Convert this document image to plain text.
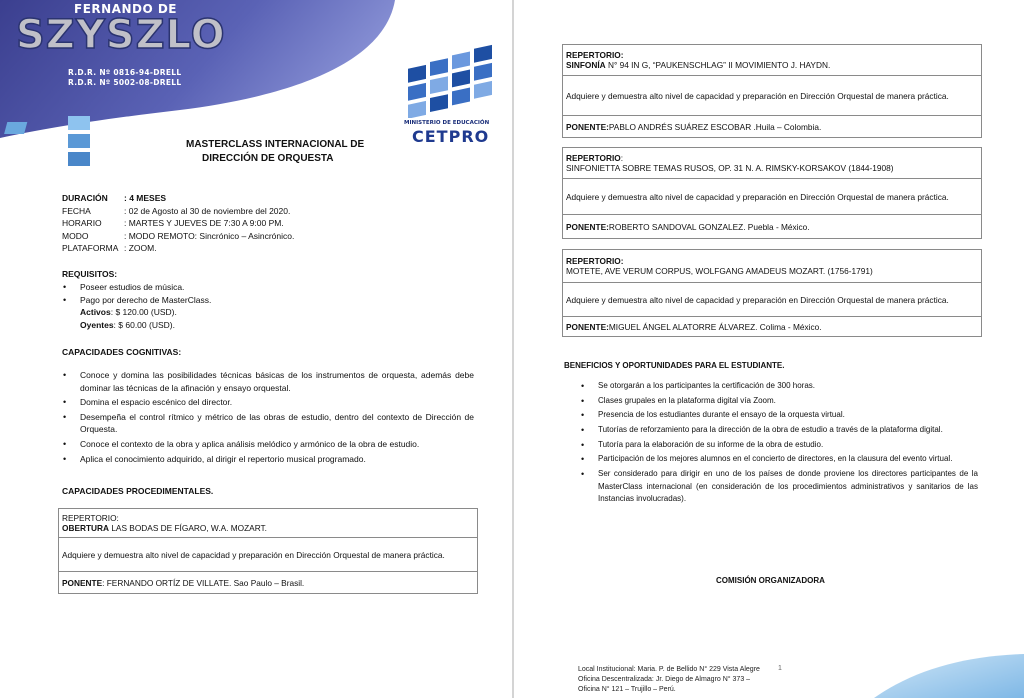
FERNANDO DE
SZYSZLO
R.D.R. Nº 0816-94-DRELL
R.D.R. Nº 5002-08-DRELL
MINISTERIO DE EDUCACIÓN
CETPRO
MASTERCLASS INTERNACIONAL DE
DIRECCIÓN DE ORQUESTA
DURACIÓN	: 4 MESES
FECHA	: 02 de Agosto al 30 de noviembre del 2020.
HORARIO	: MARTES Y JUEVES DE 7:30 A 9:00 PM.
MODO	: MODO REMOTO: Sincrónico – Asincrónico.
PLATAFORMA : ZOOM.
REQUISITOS:
• Poseer estudios de música.
• Pago por derecho de MasterClass.
Activos: $ 120.00 (USD).
Oyentes: $ 60.00 (USD).
CAPACIDADES COGNITIVAS:
• Conoce y domina las posibilidades técnicas básicas de los instrumentos de orquesta, además debe dominar las técnicas de la afinación y ensayo orquestal.
• Domina el espacio escénico del director.
• Desempeña el control rítmico y métrico de las obras de estudio, dentro del contexto de Dirección de Orquesta.
• Conoce el contexto de la obra y aplica análisis melódico y armónico de la obra de estudio.
• Aplica el conocimiento adquirido, al dirigir el repertorio musical programado.
CAPACIDADES PROCEDIMENTALES.
REPERTORIO:
OBERTURA LAS BODAS DE FÍGARO, W.A. MOZART.
Adquiere y demuestra alto nivel de capacidad y preparación en Dirección Orquestal de manera práctica.
PONENTE : FERNANDO ORTÍZ DE VILLATE. Sao Paulo – Brasil.
REPERTORIO:
SINFONÍA N° 94 IN G, “PAUKENSCHLAG” II MOVIMIENTO J. HAYDN.
Adquiere y demuestra alto nivel de capacidad y preparación en Dirección Orquestal de manera práctica.
PONENTE: PABLO ANDRÉS SUÁREZ ESCOBAR .Huila – Colombia.
REPERTORIO:
SINFONIETTA SOBRE TEMAS RUSOS, OP. 31 N. A. RIMSKY-KORSAKOV (1844-1908)
Adquiere y demuestra alto nivel de capacidad y preparación en Dirección Orquestal de manera práctica.
PONENTE: ROBERTO SANDOVAL GONZALEZ. Puebla - México.
REPERTORIO:
MOTETE, AVE VERUM CORPUS, WOLFGANG AMADEUS MOZART. (1756-1791)
Adquiere y demuestra alto nivel de capacidad y preparación en Dirección Orquestal de manera práctica.
PONENTE: MIGUEL ÁNGEL ALATORRE ÁLVAREZ. Colima - México.
BENEFICIOS Y OPORTUNIDADES PARA EL ESTUDIANTE.
• Se otorgarán a los participantes la certificación de 300 horas.
• Clases grupales en la plataforma digital vía Zoom.
• Presencia de los estudiantes durante el ensayo de la orquesta virtual.
• Tutorías de reforzamiento para la dirección de la obra de estudio a través de la plataforma digital.
• Tutoría para la elaboración de su informe de la obra de estudio.
• Participación de los mejores alumnos en el concierto de directores, en la clausura del evento virtual.
• Ser considerado para dirigir en uno de los países de donde proviene los directores participantes de la MasterClass internacional (en consideración de los procedimientos administrativos y sanitarios de las Instancias involucradas).
COMISIÓN ORGANIZADORA
Local Institucional: Maria. P. de Bellido N° 229 Vista Alegre
Oficina Descentralizada: Jr. Diego de Almagro N° 373 –
Oficina N° 121 – Trujillo – Perú.
1
